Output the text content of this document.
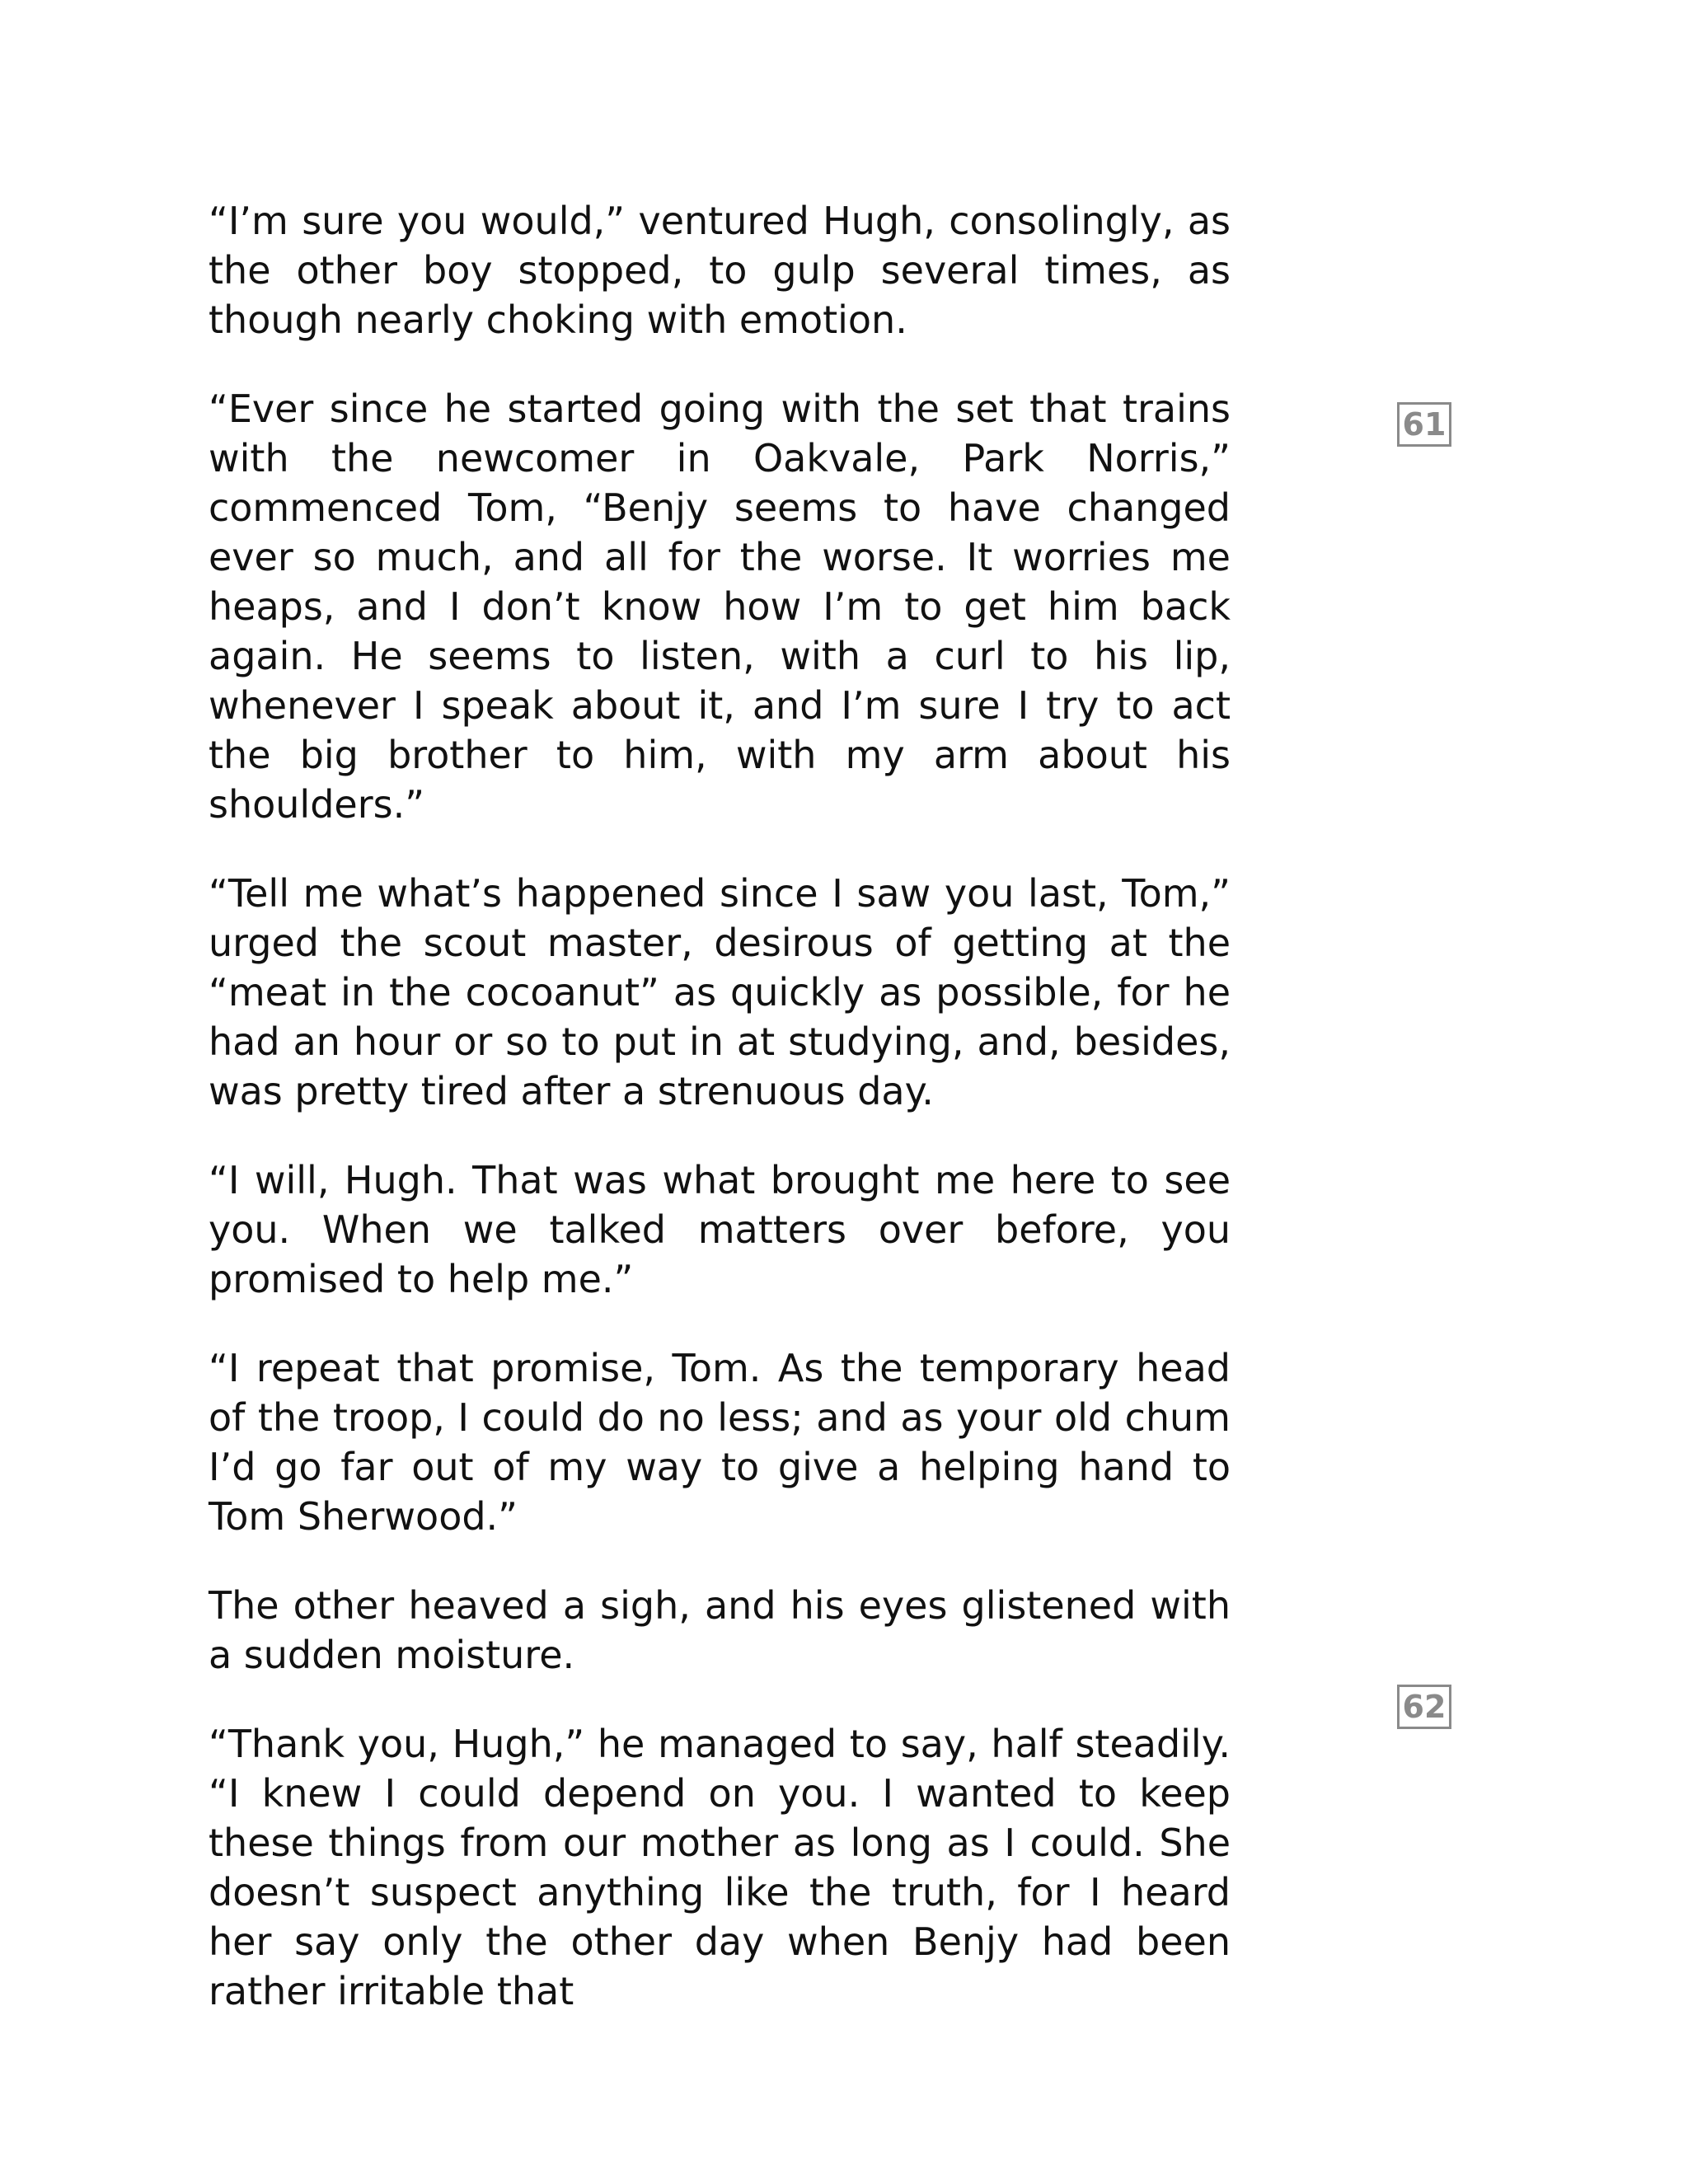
“I’m sure you would,” ventured Hugh, consolingly, as the other boy stopped, to gulp several times, as though nearly choking with emotion.

“Ever since he started going with the set that trains with the newcomer in Oakvale, Park Norris,” commenced Tom, “Benjy seems to have changed ever so much, and all for the worse. It worries me heaps, and I don’t know how I’m to get him back again. He seems to listen, with a curl to his lip, whenever I speak about it, and I’m sure I try to act the big brother to him, with my arm about his shoulders.”

“Tell me what’s happened since I saw you last, Tom,” urged the scout master, desirous of getting at the “meat in the cocoanut” as quickly as possible, for he had an hour or so to put in at studying, and, besides, was pretty tired after a strenuous day.

“I will, Hugh. That was what brought me here to see you. When we talked matters over before, you promised to help me.”

“I repeat that promise, Tom. As the temporary head of the troop, I could do no less; and as your old chum I’d go far out of my way to give a helping hand to Tom Sherwood.”

The other heaved a sigh, and his eyes glistened with a sudden moisture.

“Thank you, Hugh,” he managed to say, half steadily. “I knew I could depend on you. I wanted to keep these things from our mother as long as I could. She doesn’t suspect anything like the truth, for I heard her say only the other day when Benjy had been rather irritable that

61
62
